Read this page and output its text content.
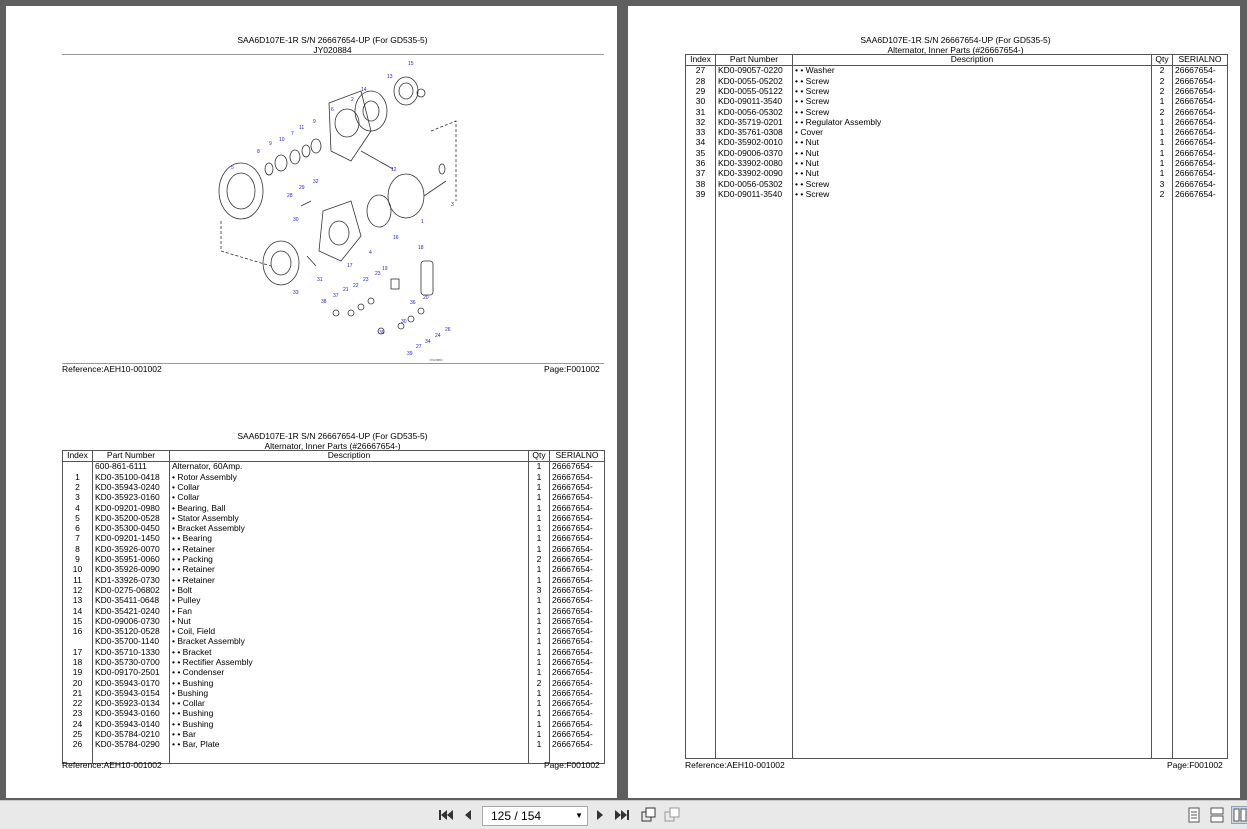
SAA6D107E-1R S/N 26667654-UP (For GD535-5)
JY020884
15
13
14
2
6
12
11
10
7
9
9
8
5
3
1
32
28
29
30
16
17
4
18
19
23
23
22
21
20
37
38	36
39
31
33
27
34
24
26
30
39
JY020884
Reference:AEH10-001002	Page:F001002
SAA6D107E-1R S/N 26667654-UP (For GD535-5)
Alternator, Inner Parts (#26667654-)
Index	Part Number	Description	Qty	SERIALNO
	600-861-6111	Alternator, 60Amp.	1	26667654-
1	KD0-35100-0418	• Rotor Assembly	1	26667654-
2	KD0-35943-0240	• Collar	1	26667654-
3	KD0-35923-0160	• Collar	1	26667654-
4	KD0-09201-0980	• Bearing, Ball	1	26667654-
5	KD0-35200-0528	• Stator Assembly	1	26667654-
6	KD0-35300-0450	• Bracket Assembly	1	26667654-
7	KD0-09201-1450	• • Bearing	1	26667654-
8	KD0-35926-0070	• • Retainer	1	26667654-
9	KD0-35951-0060	• • Packing	2	26667654-
10	KD0-35926-0090	• • Retainer	1	26667654-
11	KD1-33926-0730	• • Retainer	1	26667654-
12	KD0-0275-06802	• Bolt	3	26667654-
13	KD0-35411-0648	• Pulley	1	26667654-
14	KD0-35421-0240	• Fan	1	26667654-
15	KD0-09006-0730	• Nut	1	26667654-
16	KD0-35120-0528	• Coil, Field	1	26667654-
	KD0-35700-1140	• Bracket Assembly	1	26667654-
17	KD0-35710-1330	• • Bracket	1	26667654-
18	KD0-35730-0700	• • Rectifier Assembly	1	26667654-
19	KD0-09170-2501	• • Condenser	1	26667654-
20	KD0-35943-0170	• • Bushing	2	26667654-
21	KD0-35943-0154	• Bushing	1	26667654-
22	KD0-35923-0134	• • Collar	1	26667654-
23	KD0-35943-0160	• • Bushing	1	26667654-
24	KD0-35943-0140	• • Bushing	1	26667654-
25	KD0-35784-0210	• • Bar	1	26667654-
26	KD0-35784-0290	• • Bar, Plate	1	26667654-

Reference:AEH10-001002	Page:F001002
SAA6D107E-1R S/N 26667654-UP (For GD535-5)
Alternator, Inner Parts (#26667654-)
Index	Part Number	Description	Qty	SERIALNO
27	KD0-09057-0220	• • Washer	2	26667654-
28	KD0-0055-05202	• • Screw	2	26667654-
29	KD0-0055-05122	• • Screw	2	26667654-
30	KD0-09011-3540	• • Screw	1	26667654-
31	KD0-0056-05302	• • Screw	2	26667654-
32	KD0-35719-0201	• • Regulator Assembly	1	26667654-
33	KD0-35761-0308	• Cover	1	26667654-
34	KD0-35902-0010	• • Nut	1	26667654-
35	KD0-09006-0370	• • Nut	1	26667654-
36	KD0-33902-0080	• • Nut	1	26667654-
37	KD0-33902-0090	• • Nut	1	26667654-
38	KD0-0056-05302	• • Screw	3	26667654-
39	KD0-09011-3540	• • Screw	2	26667654-

Reference:AEH10-001002	Page:F001002
125 / 154	▼
